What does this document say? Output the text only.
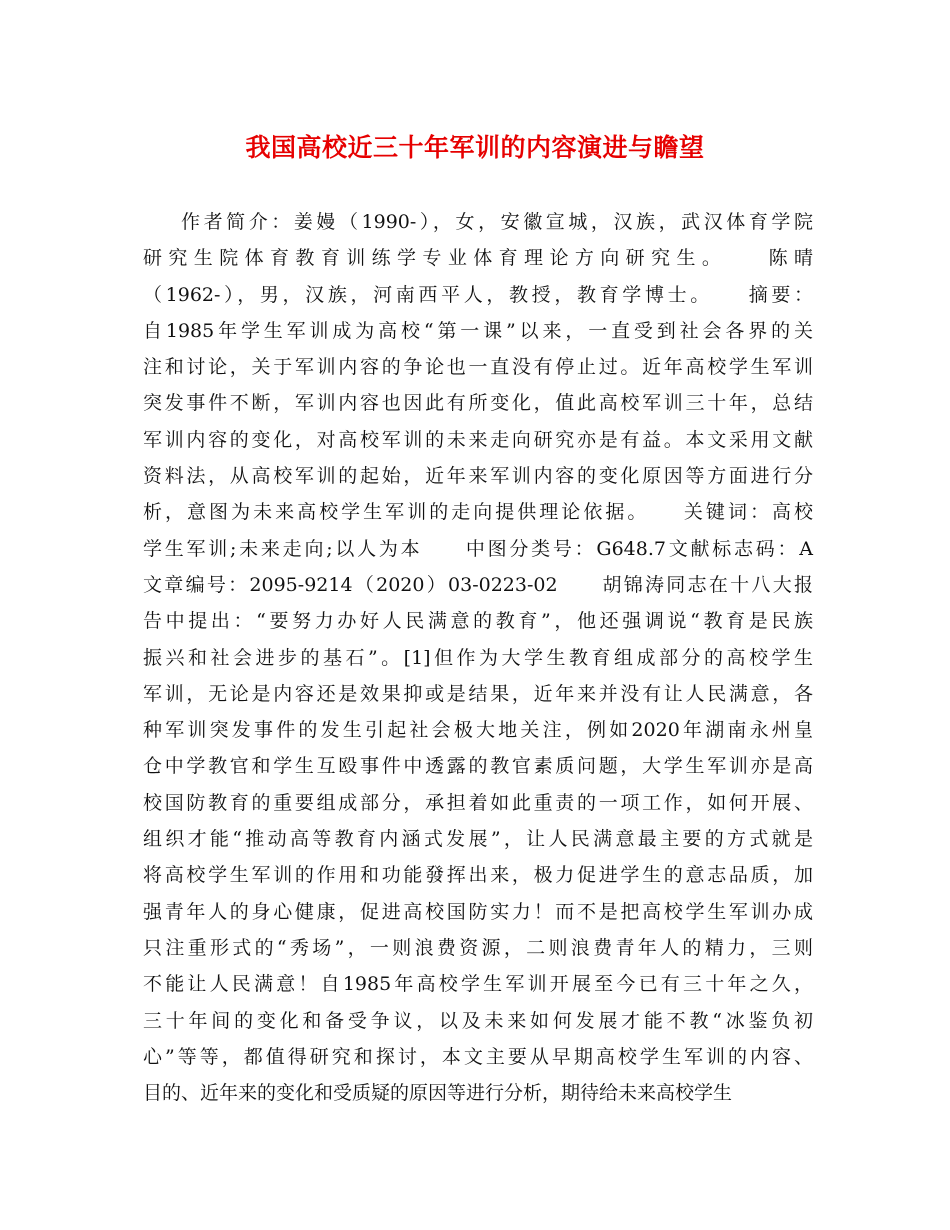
我国高校近三十年军训的内容演进与瞻望
作者简介：姜嫚（1990-），女，安徽宣城，汉族，武汉体育学院
研究生院体育教育训练学专业体育理论方向研究生。　　陈晴
（1962-），男，汉族，河南西平人，教授，教育学博士。　　摘要：
自1985年学生军训成为高校“第一课”以来，一直受到社会各界的关
注和讨论，关于军训内容的争论也一直没有停止过。近年高校学生军训
突发事件不断，军训内容也因此有所变化，值此高校军训三十年，总结
军训内容的变化，对高校军训的未来走向研究亦是有益。本文采用文献
资料法，从高校军训的起始，近年来军训内容的变化原因等方面进行分
析，意图为未来高校学生军训的走向提供理论依据。　　关键词：高校
学生军训;未来走向;以人为本　　中图分类号：G648.7文献标志码：A
文章编号：2095-9214（2020）03-0223-02　　胡锦涛同志在十八大报
告中提出：“要努力办好人民满意的教育”，他还强调说“教育是民族
振兴和社会进步的基石”。[1]但作为大学生教育组成部分的高校学生
军训，无论是内容还是效果抑或是结果，近年来并没有让人民满意，各
种军训突发事件的发生引起社会极大地关注，例如2020年湖南永州皇
仓中学教官和学生互殴事件中透露的教官素质问题，大学生军训亦是高
校国防教育的重要组成部分，承担着如此重责的一项工作，如何开展、
组织才能“推动高等教育内涵式发展”，让人民满意最主要的方式就是
将高校学生军训的作用和功能發挥出来，极力促进学生的意志品质，加
强青年人的身心健康，促进高校国防实力！而不是把高校学生军训办成
只注重形式的“秀场”，一则浪费资源，二则浪费青年人的精力，三则
不能让人民满意！自1985年高校学生军训开展至今已有三十年之久，
三十年间的变化和备受争议，以及未来如何发展才能不教“冰鉴负初
心”等等，都值得研究和探讨，本文主要从早期高校学生军训的内容、
目的、近年来的变化和受质疑的原因等进行分析，期待给未来高校学生
